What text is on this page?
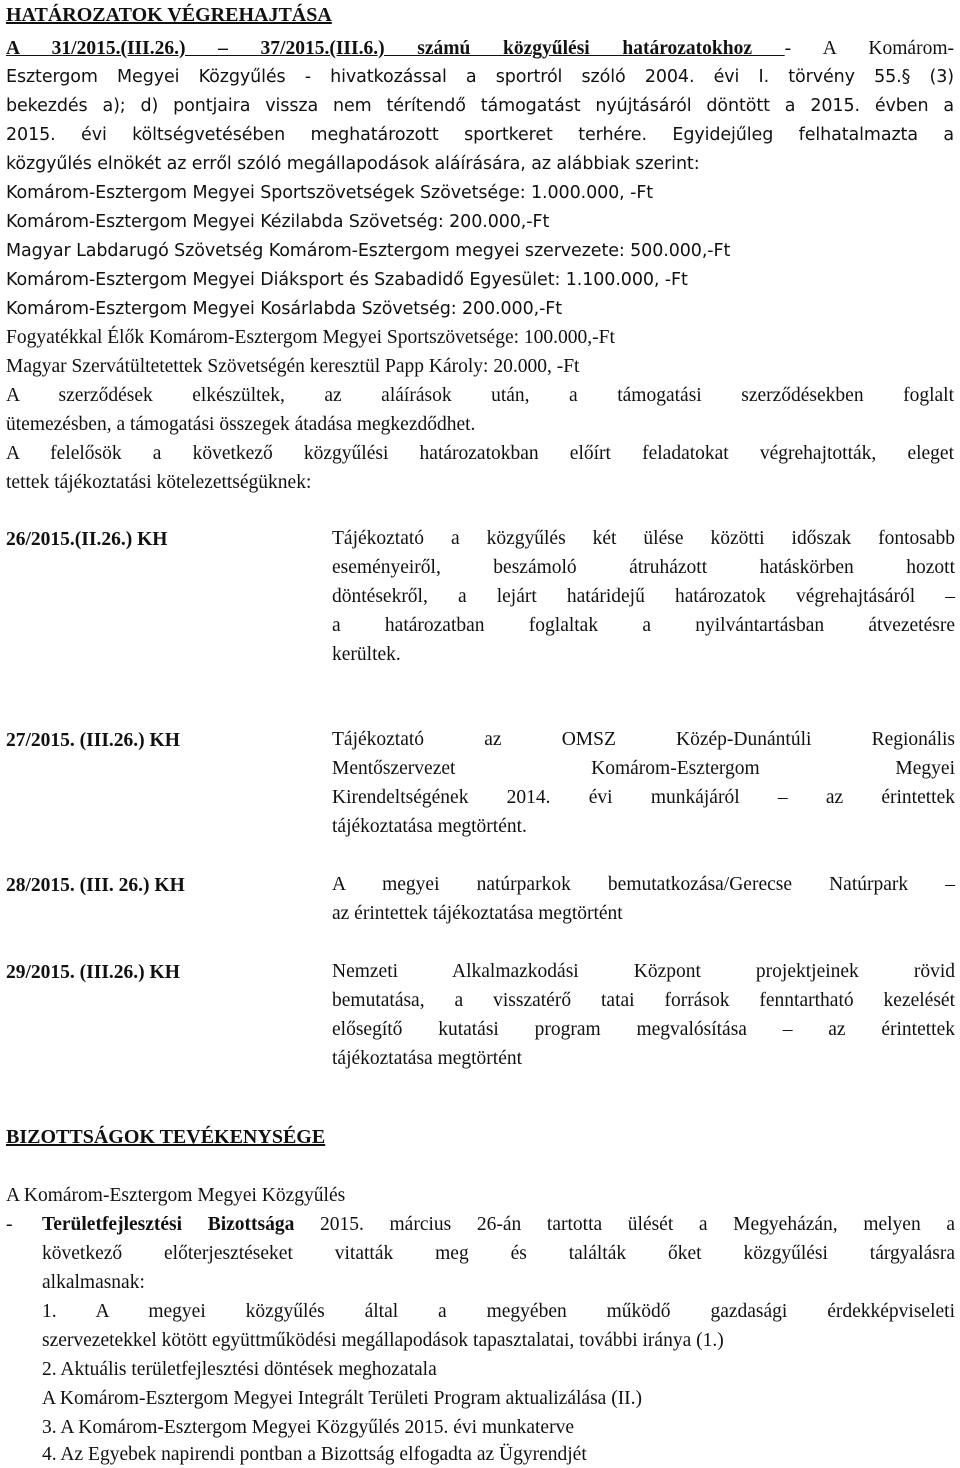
HATÁROZATOK VÉGREHAJTÁSA
A 31/2015.(III.26.) – 37/2015.(III.6.) számú közgyűlési határozatokhoz - A Komárom-
Esztergom Megyei Közgyűlés - hivatkozással a sportról szóló 2004. évi I. törvény 55.§ (3)
bekezdés a); d) pontjaira vissza nem térítendő támogatást nyújtásáról döntött a 2015. évben a
2015. évi költségvetésében meghatározott sportkeret terhére. Egyidejűleg felhatalmazta a
közgyűlés elnökét az erről szóló megállapodások aláírására, az alábbiak szerint:
Komárom-Esztergom Megyei Sportszövetségek Szövetsége: 1.000.000, -Ft
Komárom-Esztergom Megyei Kézilabda Szövetség: 200.000,-Ft
Magyar Labdarugó Szövetség Komárom-Esztergom megyei szervezete: 500.000,-Ft
Komárom-Esztergom Megyei Diáksport és Szabadidő Egyesület: 1.100.000, -Ft
Komárom-Esztergom Megyei Kosárlabda Szövetség: 200.000,-Ft
Fogyatékkal Élők Komárom-Esztergom Megyei Sportszövetsége: 100.000,-Ft
Magyar Szervátültetettek Szövetségén keresztül Papp Károly: 20.000, -Ft
A szerződések elkészültek, az aláírások után, a támogatási szerződésekben foglalt
ütemezésben, a támogatási összegek átadása megkezdődhet.
A felelősök a következő közgyűlési határozatokban előírt feladatokat végrehajtották, eleget
tettek tájékoztatási kötelezettségüknek:
26/2015.(II.26.) KH	Tájékoztató a közgyűlés két ülése közötti időszak fontosabb
eseményeiről, beszámoló átruházott hatáskörben hozott
döntésekről, a lejárt határidejű határozatok végrehajtásáról –
a határozatban foglaltak a nyilvántartásban átvezetésre
kerültek.
27/2015. (III.26.) KH	Tájékoztató az OMSZ Közép-Dunántúli Regionális
Mentőszervezet Komárom-Esztergom Megyei
Kirendeltségének 2014. évi munkájáról – az érintettek
tájékoztatása megtörtént.
28/2015. (III. 26.) KH	A megyei natúrparkok bemutatkozása/Gerecse Natúrpark –
az érintettek tájékoztatása megtörtént
29/2015. (III.26.) KH	Nemzeti Alkalmazkodási Központ projektjeinek rövid
bemutatása, a visszatérő tatai források fenntartható kezelését
elősegítő kutatási program megvalósítása – az érintettek
tájékoztatása megtörtént
BIZOTTSÁGOK TEVÉKENYSÉGE
A Komárom-Esztergom Megyei Közgyűlés
- Területfejlesztési Bizottsága 2015. március 26-án tartotta ülését a Megyeházán, melyen a
következő előterjesztéseket vitatták meg és találták őket közgyűlési tárgyalásra
alkalmasnak:
1. A megyei közgyűlés által a megyében működő gazdasági érdekképviseleti
szervezetekkel kötött együttműködési megállapodások tapasztalatai, további iránya (1.)
2. Aktuális területfejlesztési döntések meghozatala
A Komárom-Esztergom Megyei Integrált Területi Program aktualizálása (II.)
3. A Komárom-Esztergom Megyei Közgyűlés 2015. évi munkaterve
4. Az Egyebek napirendi pontban a Bizottság elfogadta az Ügyrendjét
